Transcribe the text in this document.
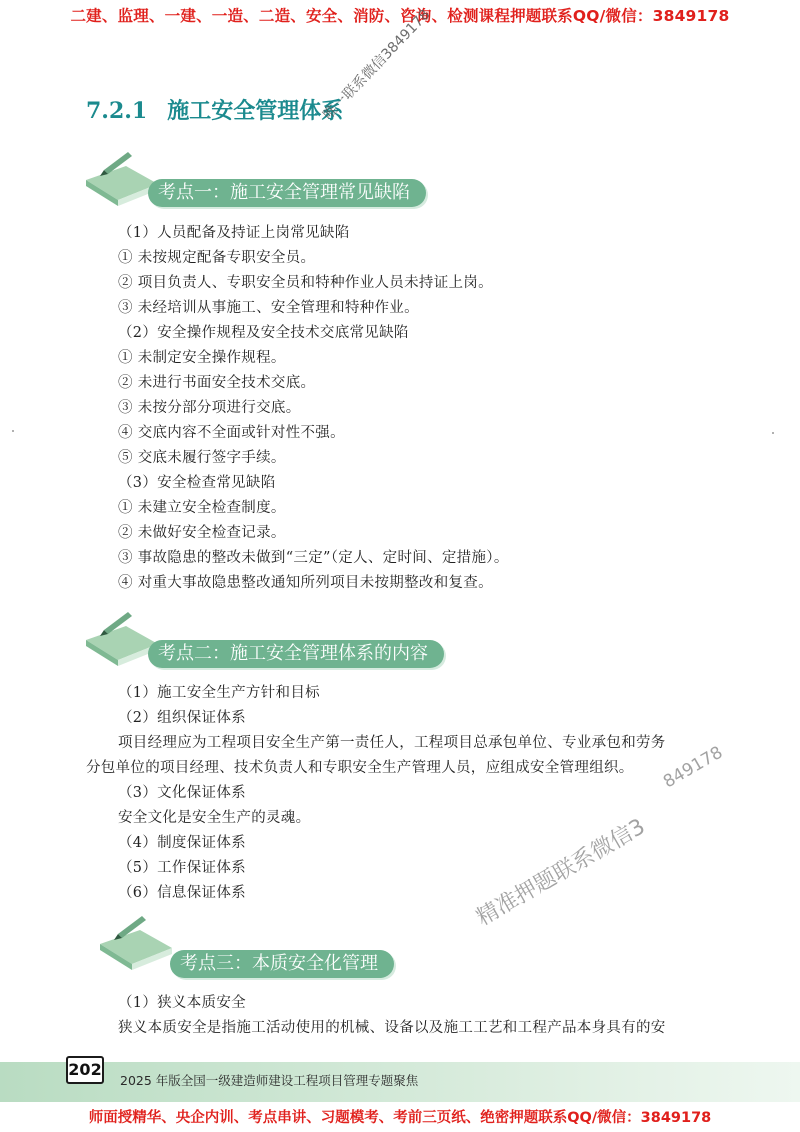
二建、监理、一建、一造、二造、安全、消防、咨询、检测课程押题联系QQ/微信：3849178
7.2.1 施工安全管理体系
唯一联系微信3849178
考点一：施工安全管理常见缺陷
（1）人员配备及持证上岗常见缺陷
① 未按规定配备专职安全员。
② 项目负责人、专职安全员和特种作业人员未持证上岗。
③ 未经培训从事施工、安全管理和特种作业。
（2）安全操作规程及安全技术交底常见缺陷
① 未制定安全操作规程。
② 未进行书面安全技术交底。
③ 未按分部分项进行交底。
④ 交底内容不全面或针对性不强。
⑤ 交底未履行签字手续。
（3）安全检查常见缺陷
① 未建立安全检查制度。
② 未做好安全检查记录。
③ 事故隐患的整改未做到“三定”（定人、定时间、定措施）。
④ 对重大事故隐患整改通知所列项目未按期整改和复查。
考点二：施工安全管理体系的内容
（1）施工安全生产方针和目标
（2）组织保证体系
项目经理应为工程项目安全生产第一责任人，工程项目总承包单位、专业承包和劳务
分包单位的项目经理、技术负责人和专职安全生产管理人员，应组成安全管理组织。
（3）文化保证体系
安全文化是安全生产的灵魂。
（4）制度保证体系
（5）工作保证体系
（6）信息保证体系
849178
精准押题联系微信3
考点三：本质安全化管理
（1）狭义本质安全
狭义本质安全是指施工活动使用的机械、设备以及施工工艺和工程产品本身具有的安
202
2025 年版全国一级建造师建设工程项目管理专题聚焦
师面授精华、央企内训、考点串讲、习题模考、考前三页纸、绝密押题联系QQ/微信：3849178
